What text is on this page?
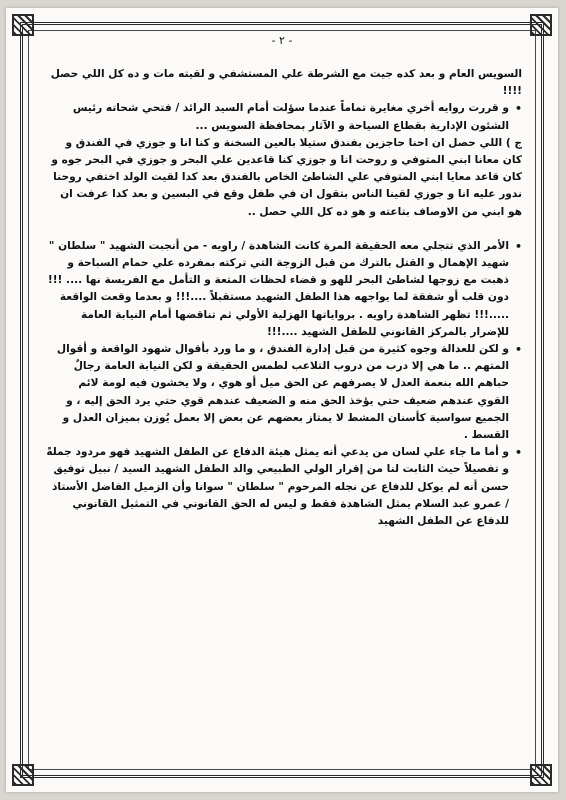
- ٢ -

السويس العام و بعد كده جيت مع الشرطة علي المستشفي و لقيته مات و ده كل اللي حصل !!!!

•
و قررت روايه أخري مغايرة تماماً عندما سؤلت أمام السيد الرائد / فتحي شحاته رئيس الشئون الإدارية بقطاع السياحة و الآثار بمحافظة السويس ...

ج ) اللي حصل ان احنا حاجزين بفندق ستيلا بالعين السخنة و كنا انا و جوزي في الفندق و كان معانا ابني المتوفي و روحت انا و جوزي كنا قاعدين علي البحر و جوزي في البحر جوه و كان قاعد معايا ابني المتوفي علي الشاطئ الخاص بالفندق بعد كدا لقيت الولد اختفي روحنا ندور عليه انا و جوزي لقينا الناس بتقول ان في طفل وقع في البسين و بعد كدا عرفت ان هو ابني من الاوصاف بتاعته و هو ده كل اللي حصل ..

•
الأمر الذي تتجلي معه الحقيقة المرة كانت الشاهدة / راويه - من أنجبت الشهيد " سلطان " شهيد الإهمال و القتل بالترك من قبل الزوجة التي تركته بمفرده علي حمام السباحة و ذهبت مع زوجها لشاطئ البحر للهو و قضاء لحظات المتعة و التأمل مع الفريسة نها .... !!! دون قلب أو شفقة لما يواجهه هذا الطفل الشهيد مستقبلاً ....!!! و بعدما وقعت الواقعة .....!!! تظهر الشاهدة راويه . برواياتها الهزلية الأولي ثم تناقضها أمام النيابة العامة للإضرار بالمركز القانوني للطفل الشهيد ....!!!

•
و لكن للعدالة وجوه كثيرة من قبل إدارة الفندق ، و ما ورد بأقوال شهود الواقعة و أقوال المتهم .. ما هي إلا درب من دروب التلاعب لطمس الحقيقة و لكن النيابة العامة رجالٌ حباهم الله بنعمة العدل لا يصرفهم عن الحق ميل أو هوي ، ولا يخشون فيه لومة لائم القوي عندهم ضعيف حتي يؤخذ الحق منه و الضعيف عندهم قوي حتي يرد الحق إليه ، و الجميع سواسية كأسنان المشط لا يمتاز بعضهم عن بعض إلا بعمل يُوزن بميزان العدل و القسط .

•
و أما ما جاء علي لسان من يدعي أنه يمثل هيئة الدفاع عن الطفل الشهيد فهو مردود جملةً و تفصيلاً حيث الثابت لنا من إقرار الولي الطبيعي والد الطفل الشهيد السيد / نبيل توفيق حسن أنه لم يوكل للدفاع عن نجله المرحوم " سلطان " سوانا وأن الزميل الفاضل الأستاذ / عمرو عبد السلام يمثل الشاهدة فقط و ليس له الحق القانوني في التمثيل القانوني للدفاع عن الطفل الشهيد
